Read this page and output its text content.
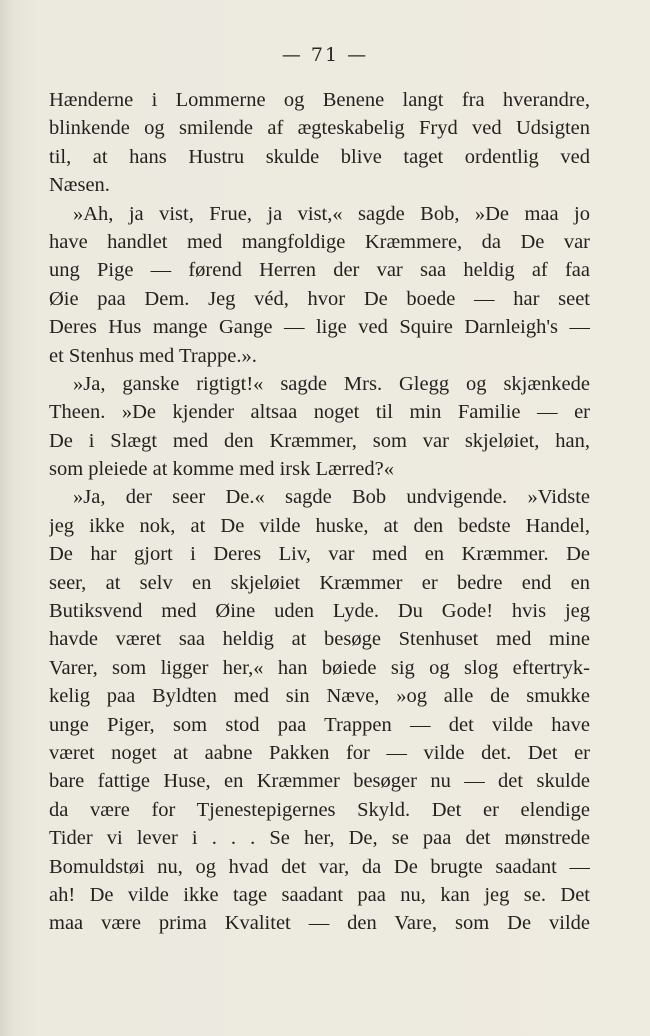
— 71 —
Hænderne i Lommerne og Benene langt fra hverandre,
blinkende og smilende af ægteskabelig Fryd ved Udsigten
til, at hans Hustru skulde blive taget ordentlig ved
Næsen.
»Ah, ja vist, Frue, ja vist,« sagde Bob, »De maa jo
have handlet med mangfoldige Kræmmere, da De var
ung Pige — førend Herren der var saa heldig af faa
Øie paa Dem. Jeg véd, hvor De boede — har seet
Deres Hus mange Gange — lige ved Squire Darnleigh's —
et Stenhus med Trappe.».
»Ja, ganske rigtigt!« sagde Mrs. Glegg og skjænkede
Theen. »De kjender altsaa noget til min Familie — er
De i Slægt med den Kræmmer, som var skjeløiet, han,
som pleiede at komme med irsk Lærred?«
»Ja, der seer De.« sagde Bob undvigende. »Vidste
jeg ikke nok, at De vilde huske, at den bedste Handel,
De har gjort i Deres Liv, var med en Kræmmer. De
seer, at selv en skjeløiet Kræmmer er bedre end en
Butiksvend med Øine uden Lyde. Du Gode! hvis jeg
havde været saa heldig at besøge Stenhuset med mine
Varer, som ligger her,« han bøiede sig og slog eftertryk-
kelig paa Byldten med sin Næve, »og alle de smukke
unge Piger, som stod paa Trappen — det vilde have
været noget at aabne Pakken for — vilde det. Det er
bare fattige Huse, en Kræmmer besøger nu — det skulde
da være for Tjenestepigernes Skyld. Det er elendige
Tider vi lever i . . . Se her, De, se paa det mønstrede
Bomuldstøi nu, og hvad det var, da De brugte saadant —
ah! De vilde ikke tage saadant paa nu, kan jeg se. Det
maa være prima Kvalitet — den Vare, som De vilde
